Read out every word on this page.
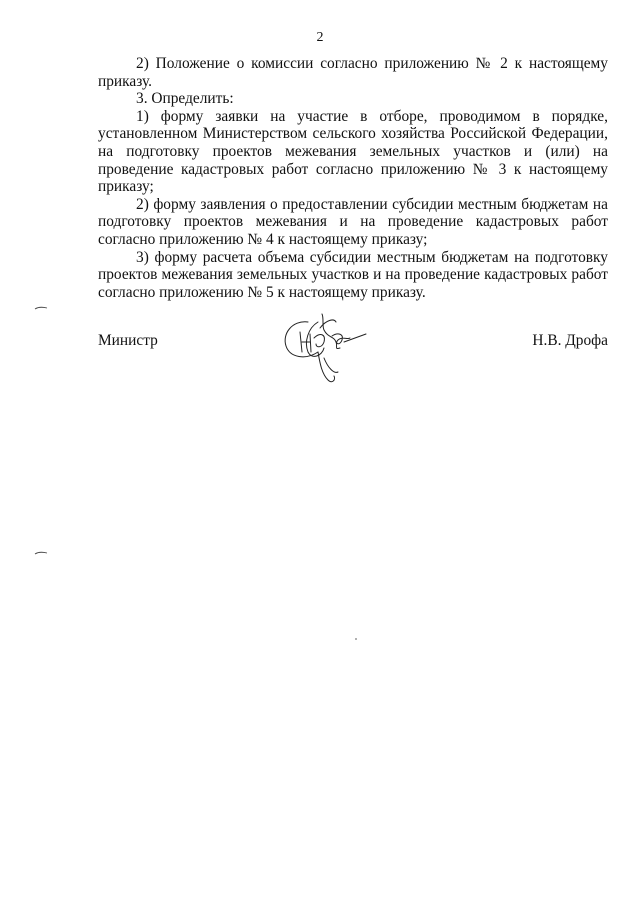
2

2) Положение о комиссии согласно приложению № 2 к настоящему приказу.

3. Определить:

1) форму заявки на участие в отборе, проводимом в порядке, установленном Министерством сельского хозяйства Российской Федерации, на подготовку проектов межевания земельных участков и (или) на проведение кадастровых работ согласно приложению № 3 к настоящему приказу;

2) форму заявления о предоставлении субсидии местным бюджетам на подготовку проектов межевания и на проведение кадастровых работ согласно приложению № 4 к настоящему приказу;

3) форму расчета объема субсидии местным бюджетам на подготовку проектов межевания земельных участков и на проведение кадастровых работ согласно приложению № 5 к настоящему приказу.

Министр	Н.В. Дрофа
